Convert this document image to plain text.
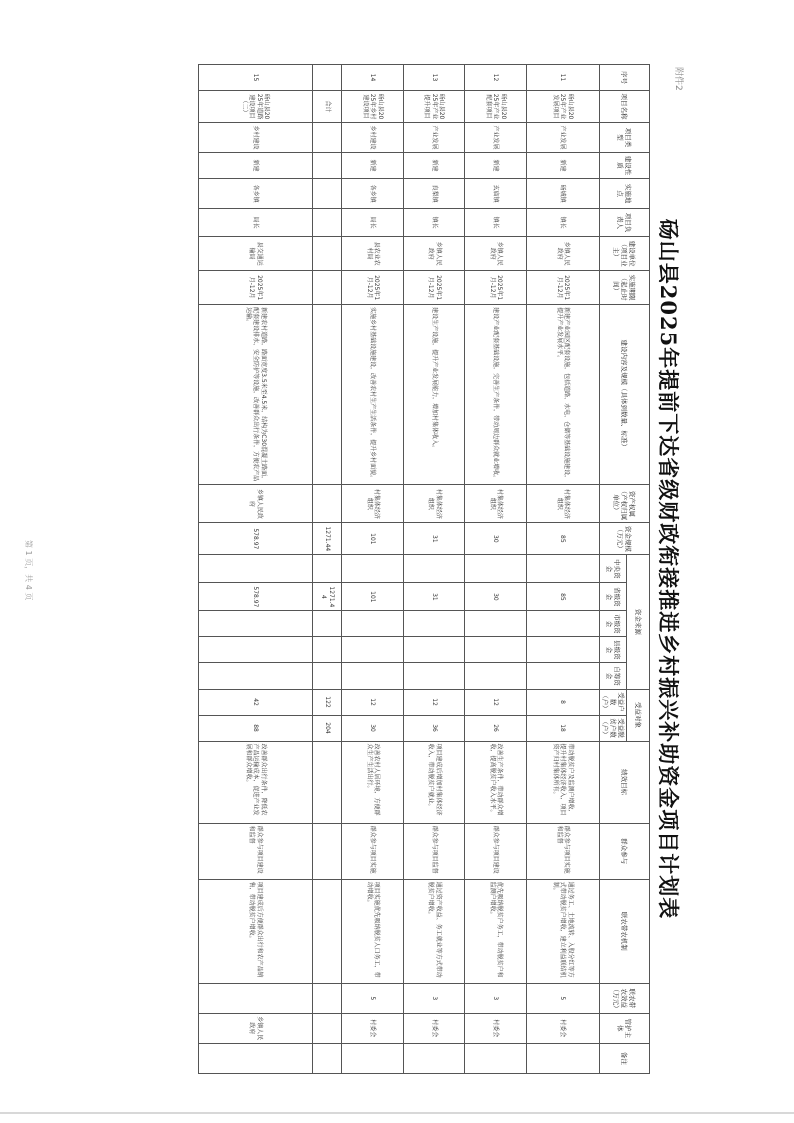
附件2
第 1 页，共 4 页	砀山县2025年提前下达省级财政衔接推进乡村振兴补助资金项目计划表
序号	项目名称	项目类型	建设性质	实施地点	项目负责人	建设单位（项目业主）	实施期限（起止时间）	建设内容及规模（具体到数量、标准）	资产权属（产权归属单位）	资金规模（万元）	资金来源					受益对象		绩效目标	群众参与	联农带农机制	联农带农效益（万元）	管护主体	备注
											中央资金	省级资金	市级资金	县级资金	自筹资金	受益户数（户）	受益脱贫户数（户）						
11	砀山县2025年产业发展项目	产业发展	新建	砀城镇	镇长	乡镇人民政府	2025年1月-12月	新建产业园区配套设施，包括道路、水电、仓储等基础设施建设，提升产业发展水平。	村集体经济组织	85		85				8	18	带动脱贫户及监测户增收，提升村集体经济收入，项目资产归村集体所有。	群众参与项目实施和监督	通过务工、土地流转、入股分红等方式带动脱贫户增收，建立利益联结机制。	5	村委会	
12	砀山县2025年产业配套项目	产业发展	新建	玄庙镇	镇长	乡镇人民政府	2025年1月-12月	建设产业配套基础设施，完善生产条件，带动周边群众就业增收。	村集体经济组织	30		30				12	26	改善生产条件，带动群众增收，提高脱贫户收入水平。	群众参与项目建设	优先吸纳脱贫户务工，带动脱贫户和监测户增收。	3	村委会	
13	砀山县2025年产业提升项目	产业发展	新建	良梨镇	镇长	乡镇人民政府	2025年1月-12月	建设生产设施，提升产业发展能力，增加村集体收入。	村集体经济组织	31		31				12	36	项目建成后增加村集体经济收入，带动脱贫户就业。	群众参与项目监督	通过资产收益、务工就业等方式带动脱贫户增收。	3	村委会	
14	砀山县2025年乡村建设项目	乡村建设	新建	各乡镇	局长	县农业农村局	2025年1月-12月	实施乡村基础设施建设，改善农村生产生活条件，提升乡村面貌。	村集体经济组织	101		101				12	30	改善农村人居环境，方便群众生产生活出行。	群众参与项目实施	项目实施优先吸纳脱贫人口务工，带动增收。	5	村委会	
	合计									1271.44		1271.44				122	204						
15	砀山县2025年道路建设项目（二）	乡村建设	新建	各乡镇	局长	县交通运输局	2025年1月-12月	新建农村道路，路面宽度3.5米至4.5米，结构为C30混凝土路面，配套建设排水、安全防护等设施，改善群众出行条件，方便农产品运输。	乡镇人民政府	578.97		578.97				42	88	改善群众出行条件，降低农产品运输成本，促进产业发展和群众增收。	群众参与项目建设和监督	项目建成后方便群众出行和农产品销售，带动脱贫户增收。		乡镇人民政府	
